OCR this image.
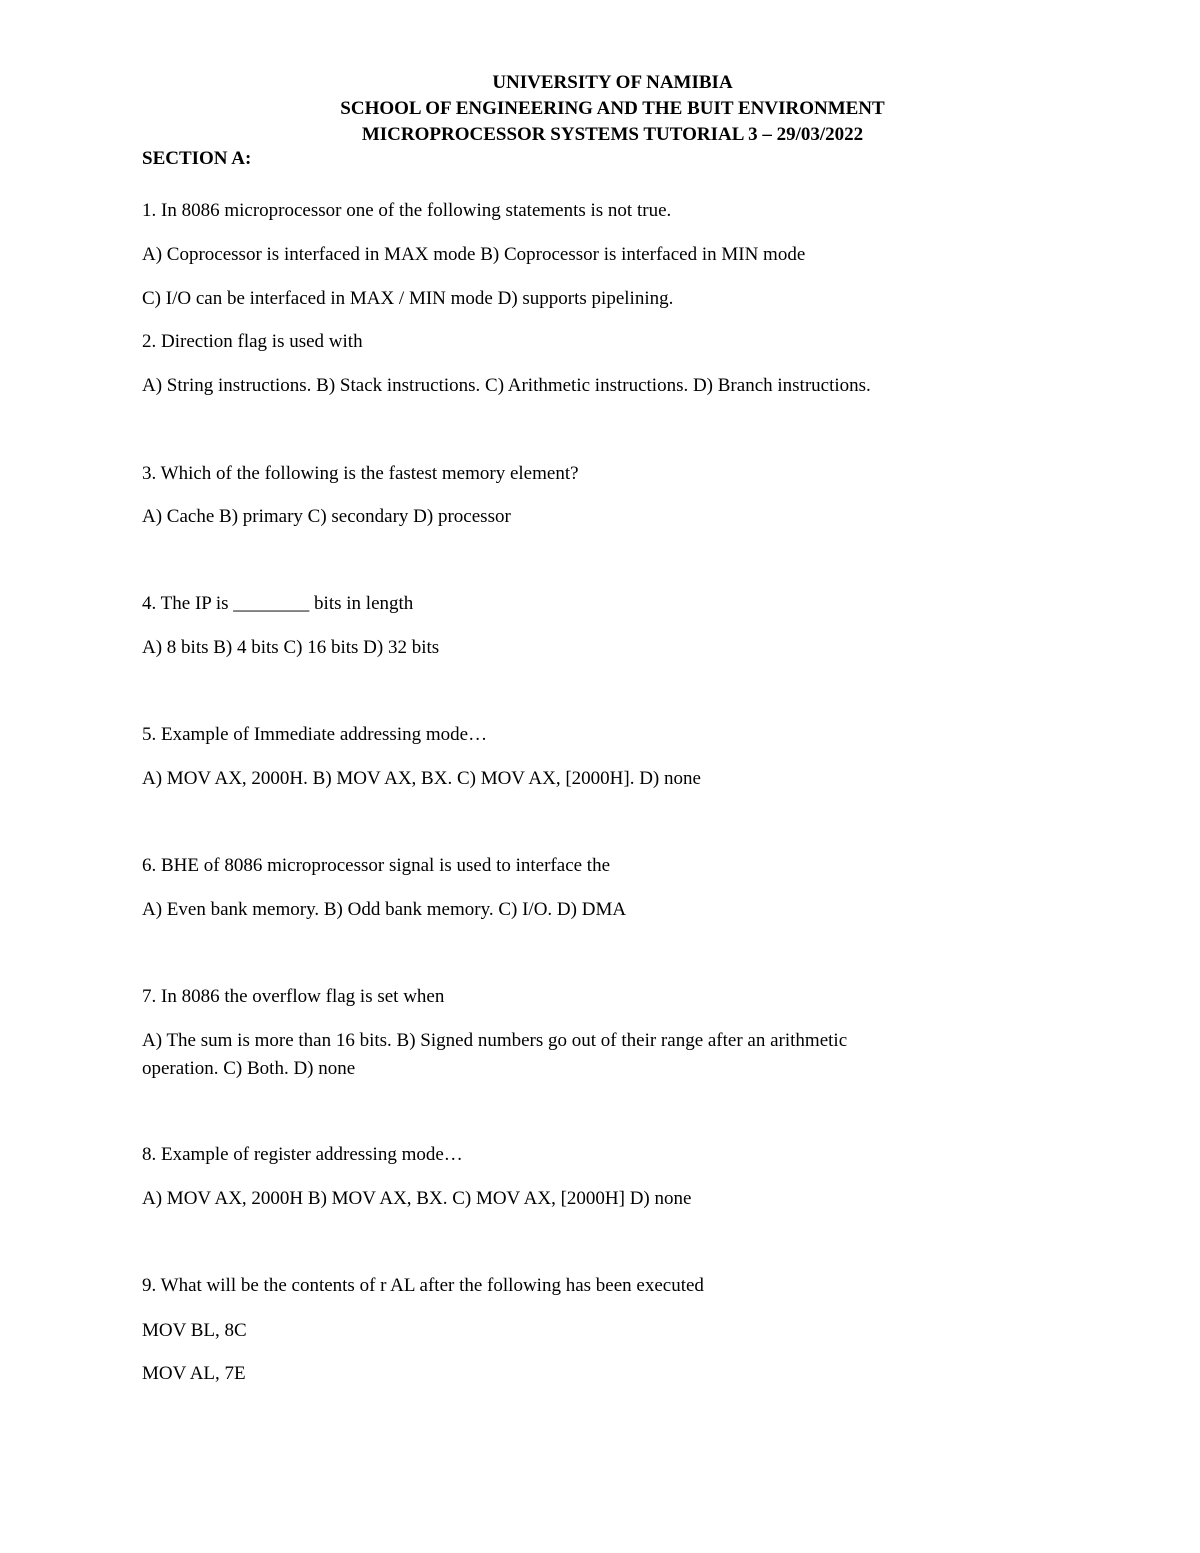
UNIVERSITY OF NAMIBIA
SCHOOL OF ENGINEERING AND THE BUIT ENVIRONMENT
MICROPROCESSOR SYSTEMS TUTORIAL 3 – 29/03/2022
SECTION A:
1. In 8086 microprocessor one of the following statements is not true.
A) Coprocessor is interfaced in MAX mode B) Coprocessor is interfaced in MIN mode
C) I/O can be interfaced in MAX / MIN mode D) supports pipelining.
2. Direction flag is used with
A) String instructions. B) Stack instructions. C) Arithmetic instructions. D) Branch instructions.
3. Which of the following is the fastest memory element?
A) Cache B) primary C) secondary D) processor
4. The IP is ________ bits in length
A) 8 bits B) 4 bits C) 16 bits D) 32 bits
5. Example of Immediate addressing mode…
A) MOV AX, 2000H. B) MOV AX, BX. C) MOV AX, [2000H]. D) none
6. BHE of 8086 microprocessor signal is used to interface the
A) Even bank memory. B) Odd bank memory. C) I/O. D) DMA
7. In 8086 the overflow flag is set when
A) The sum is more than 16 bits. B) Signed numbers go out of their range after an arithmetic
operation. C) Both. D) none
8. Example of register addressing mode…
A) MOV AX, 2000H B) MOV AX, BX. C) MOV AX, [2000H] D) none
9. What will be the contents of r AL after the following has been executed
MOV BL, 8C
MOV AL, 7E
